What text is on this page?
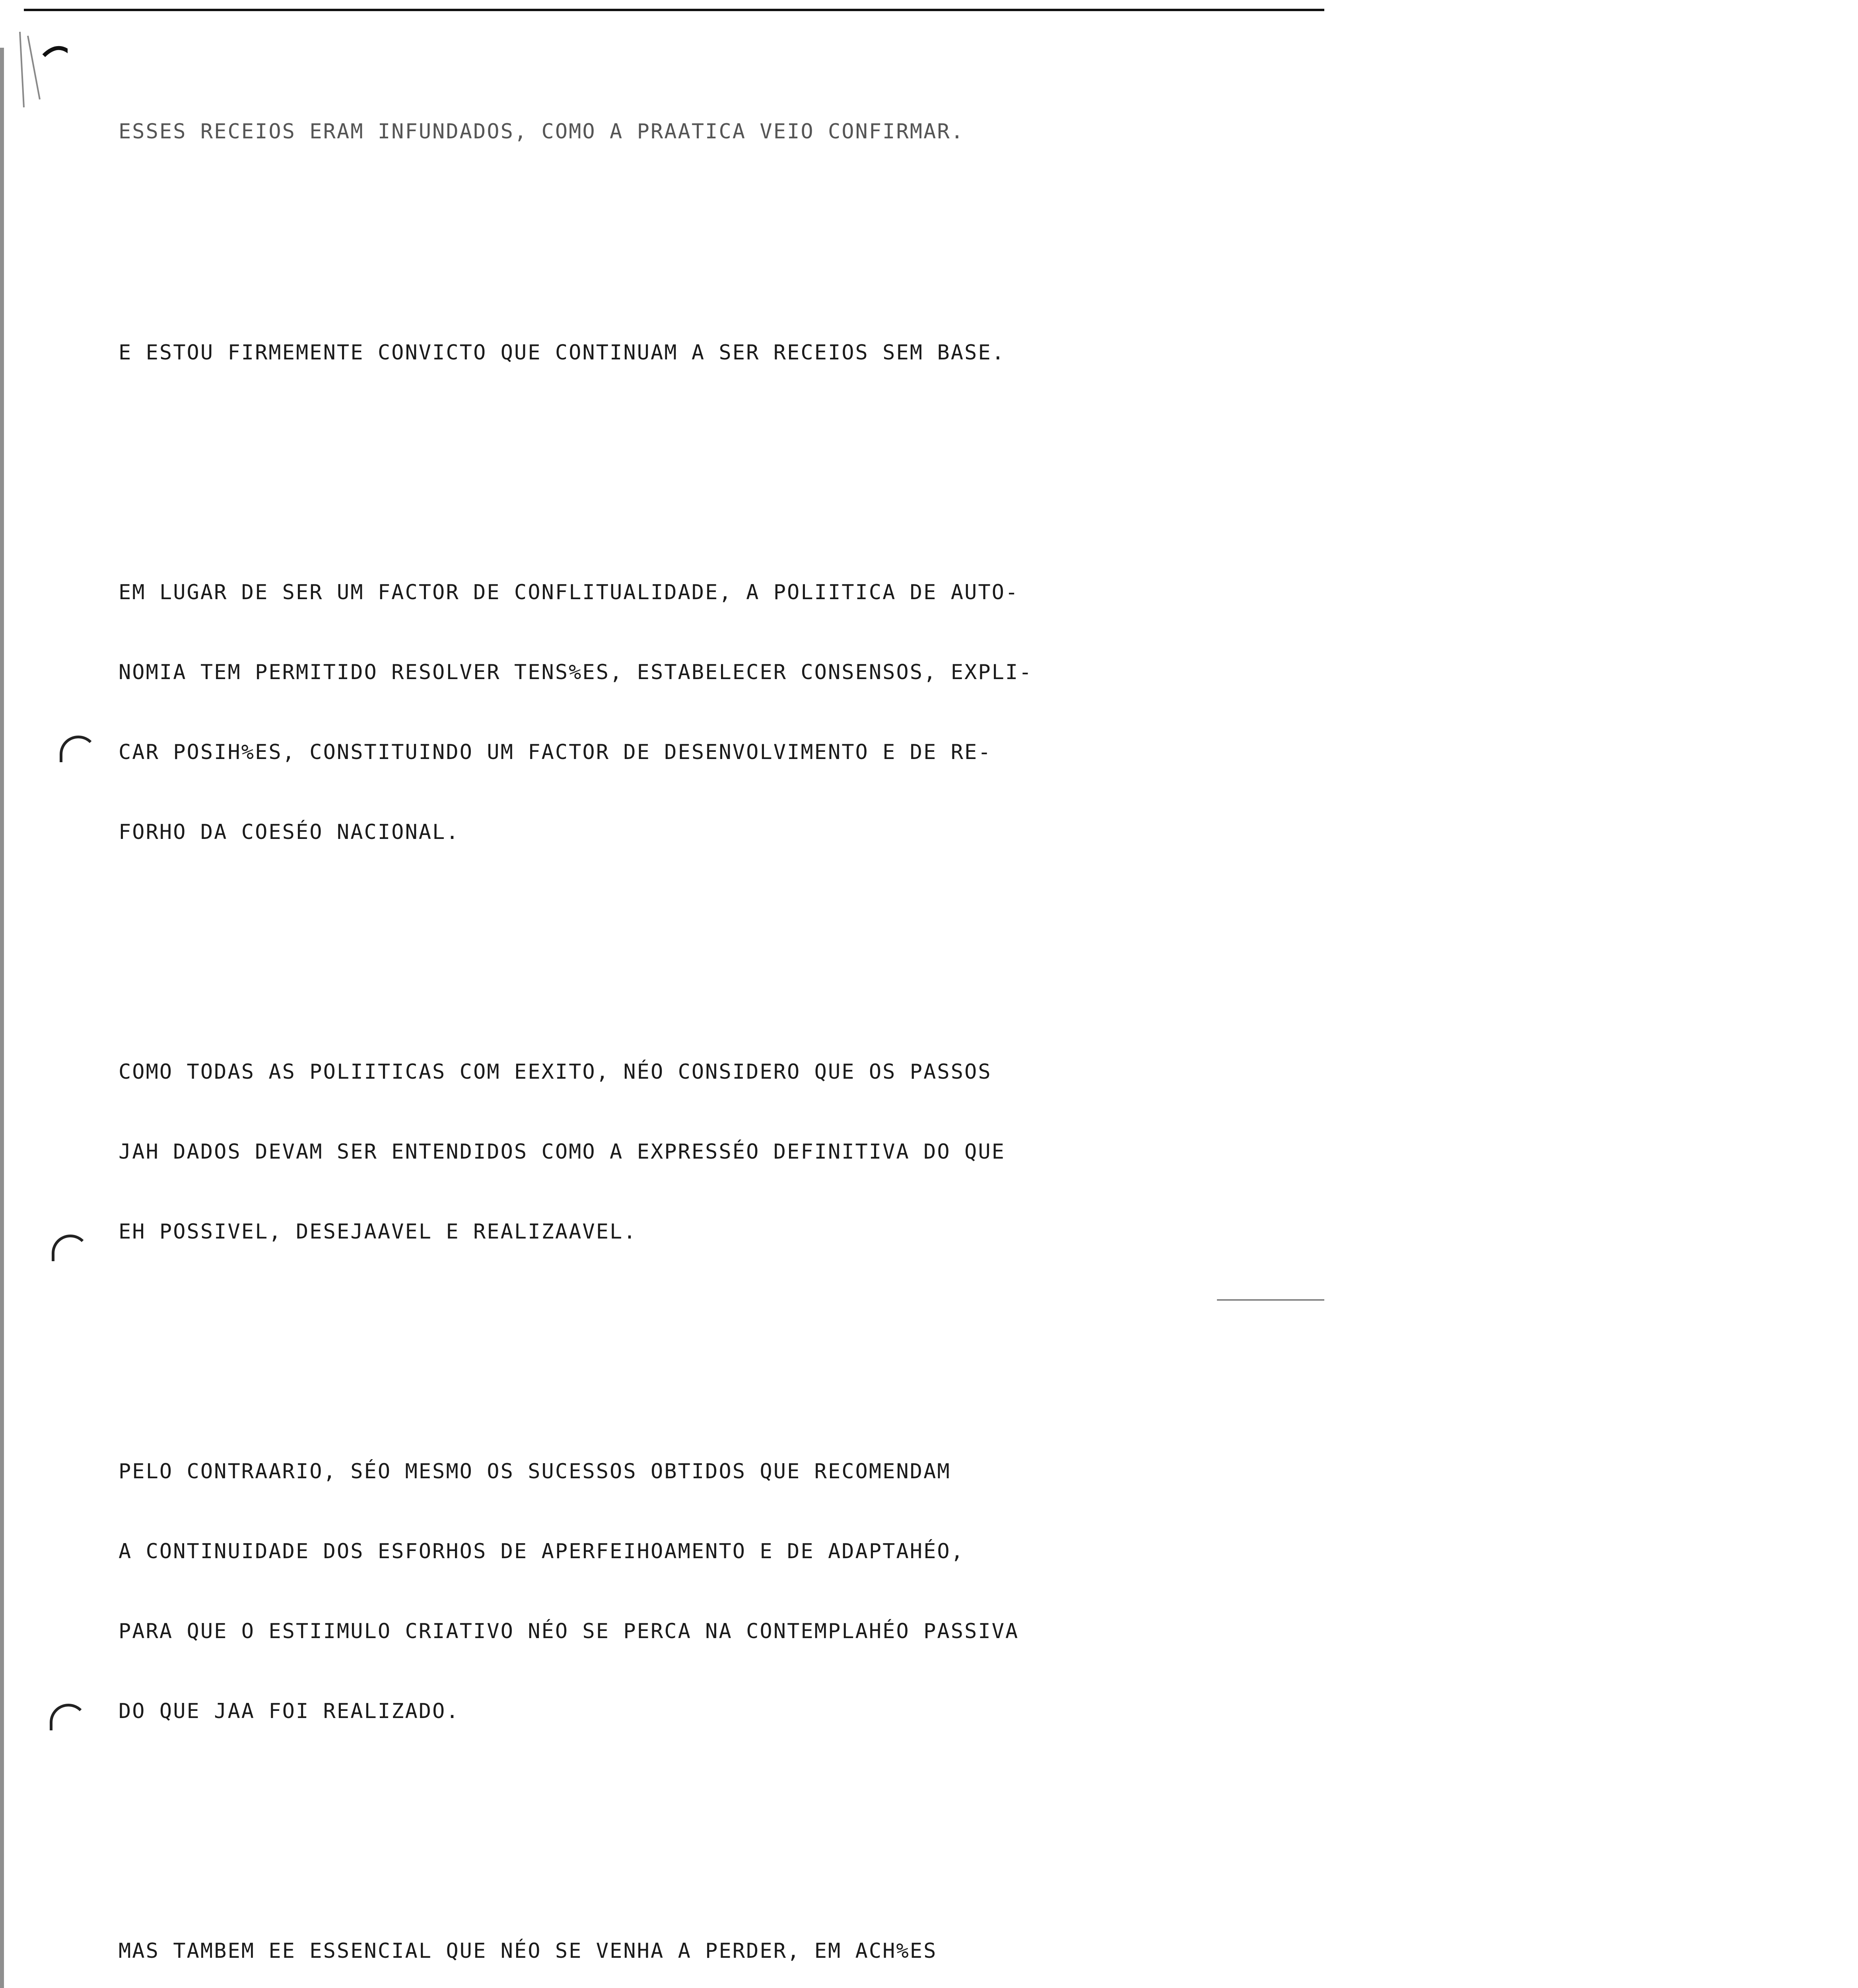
ESSES RECEIOS ERAM INFUNDADOS, COMO A PRAATICA VEIO CONFIRMAR.

E ESTOU FIRMEMENTE CONVICTO QUE CONTINUAM A SER RECEIOS SEM BASE.

EM LUGAR DE SER UM FACTOR DE CONFLITUALIDADE, A POLIITICA DE AUTO-

NOMIA TEM PERMITIDO RESOLVER TENS%ES, ESTABELECER CONSENSOS, EXPLI-

CAR POSIH%ES, CONSTITUINDO UM FACTOR DE DESENVOLVIMENTO E DE RE-

FORHO DA COESÉO NACIONAL.

COMO TODAS AS POLIITICAS COM EEXITO, NÉO CONSIDERO QUE OS PASSOS

JAH DADOS DEVAM SER ENTENDIDOS COMO A EXPRESSÉO DEFINITIVA DO QUE

EH POSSIVEL, DESEJAAVEL E REALIZAAVEL.

PELO CONTRAARIO, SÉO MESMO OS SUCESSOS OBTIDOS QUE RECOMENDAM

A CONTINUIDADE DOS ESFORHOS DE APERFEIHOAMENTO E DE ADAPTAHÉO,

PARA QUE O ESTIIMULO CRIATIVO NÉO SE PERCA NA CONTEMPLAHÉO PASSIVA

DO QUE JAA FOI REALIZADO.

MAS TAMBEM EE ESSENCIAL QUE NÉO SE VENHA A PERDER, EM ACH%ES
